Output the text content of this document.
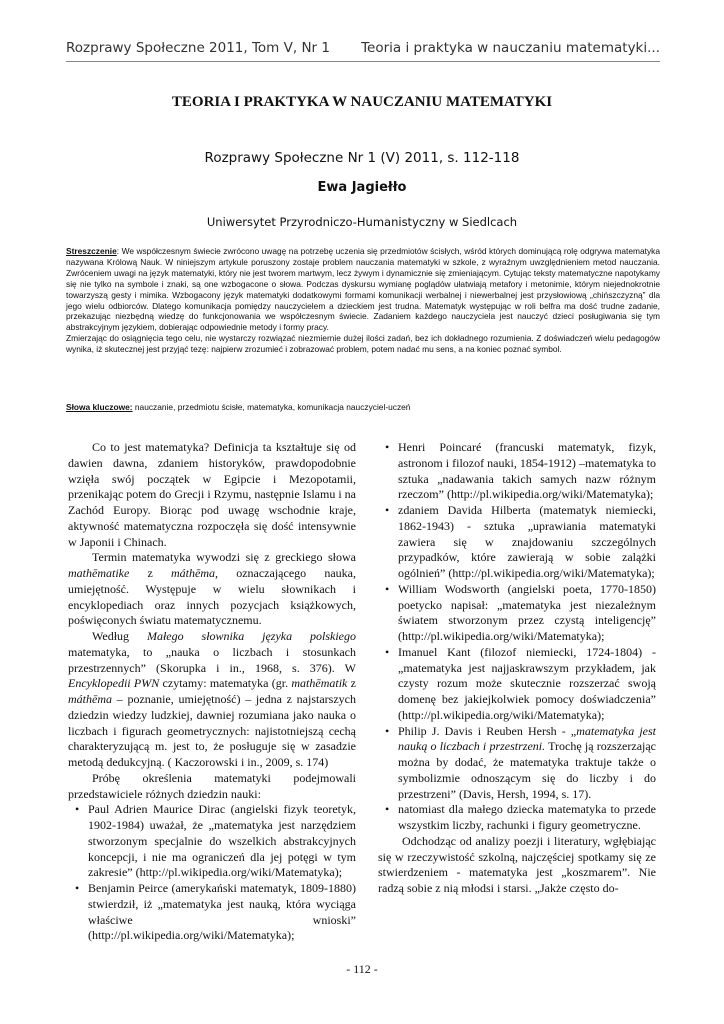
Rozprawy Społeczne 2011, Tom V, Nr 1 Teoria i praktyka w nauczaniu matematyki...
TEORIA I PRAKTYKA W NAUCZANIU MATEMATYKI
Rozprawy Społeczne Nr 1 (V) 2011, s. 112-118
Ewa Jagiełło
Uniwersytet Przyrodniczo-Humanistyczny w Siedlcach

Streszczenie: We współczesnym świecie zwrócono uwagę na potrzebę uczenia się przedmiotów ścisłych, wśród których dominującą rolę odgrywa matematyka nazywana Królową Nauk. W niniejszym artykule poruszony zostaje problem nauczania matematyki w szkole, z wyraźnym uwzględnieniem metod nauczania. Zwróceniem uwagi na język matematyki, który nie jest tworem martwym, lecz żywym i dynamicznie się zmieniającym. Cytując teksty matematyczne napotykamy się nie tylko na symbole i znaki, są one wzbogacone o słowa. Podczas dyskursu wymianę poglądów ułatwiają metafory i metonimie, którym niejednokrotnie towarzyszą gesty i mimika. Wzbogacony język matematyki dodatkowymi formami komunikacji werbalnej i niewerbalnej jest przysłowiową „chińszczyzną” dla jego wielu odbiorców. Dlatego komunikacja pomiędzy nauczycielem a dzieckiem jest trudna. Matematyk występując w roli belfra ma dość trudne zadanie, przekazując niezbędną wiedzę do funkcjonowania we współczesnym świecie. Zadaniem każdego nauczyciela jest nauczyć dzieci posługiwania się tym abstrakcyjnym językiem, dobierając odpowiednie metody i formy pracy.

Zmierzając do osiągnięcia tego celu, nie wystarczy rozwiązać niezmiernie dużej ilości zadań, bez ich dokładnego rozumienia. Z doświadczeń wielu pedagogów wynika, iż skutecznej jest przyjąć tezę: najpierw zrozumieć i zobrazować problem, potem nadać mu sens, a na koniec poznać symbol.

Słowa kluczowe: nauczanie, przedmiotu ścisłe, matematyka, komunikacja nauczyciel-uczeń

Co to jest matematyka? Definicja ta kształtuje się od dawien dawna, zdaniem historyków, prawdopodobnie wzięła swój początek w Egipcie i Mezopotamii, przenikając potem do Grecji i Rzymu, następnie Islamu i na Zachód Europy. Biorąc pod uwagę wschodnie kraje, aktywność matematyczna rozpoczęła się dość intensywnie w Japonii i Chinach.

Termin matematyka wywodzi się z greckiego słowa mathēmatike z máthēma, oznaczającego nauka, umiejętność. Występuje w wielu słownikach i encyklopediach oraz innych pozycjach książkowych, poświęconych światu matematycznemu.

Według Małego słownika języka polskiego matematyka, to „nauka o liczbach i stosunkach przestrzennych” (Skorupka i in., 1968, s. 376). W Encyklopedii PWN czytamy: matematyka (gr. mathēmatik z máthēma – poznanie, umiejętność) – jedna z najstarszych dziedzin wiedzy ludzkiej, dawniej rozumiana jako nauka o liczbach i figurach geometrycznych: najistotniejszą cechą charakteryzującą m. jest to, że posługuje się w zasadzie metodą dedukcyjną. ( Kaczorowski i in., 2009, s. 174)

Próbę określenia matematyki podejmowali przedstawiciele różnych dziedzin nauki:

• Paul Adrien Maurice Dirac (angielski fizyk teoretyk, 1902-1984) uważał, że „matematyka jest narzędziem stworzonym specjalnie do wszelkich abstrakcyjnych koncepcji, i nie ma ograniczeń dla jej potęgi w tym zakresie” (http://pl.wikipedia.org/wiki/Matematyka);
• Benjamin Peirce (amerykański matematyk, 1809-1880) stwierdził, iż „matematyka jest nauką, która wyciąga właściwe wnioski” (http://pl.wikipedia.org/wiki/Matematyka);
• Henri Poincaré (francuski matematyk, fizyk, astronom i filozof nauki, 1854-1912) –matematyka to sztuka „nadawania takich samych nazw różnym rzeczom” (http://pl.wikipedia.org/wiki/Matematyka);
• zdaniem Davida Hilberta (matematyk niemiecki, 1862-1943) - sztuka „uprawiania matematyki zawiera się w znajdowaniu szczególnych przypadków, które zawierają w sobie zalążki ogólnień” (http://pl.wikipedia.org/wiki/Matematyka);
• William Wodsworth (angielski poeta, 1770-1850) poetycko napisał: „matematyka jest niezależnym światem stworzonym przez czystą inteligencję” (http://pl.wikipedia.org/wiki/Matematyka);
• Imanuel Kant (filozof niemiecki, 1724-1804) - „matematyka jest najjaskrawszym przykładem, jak czysty rozum może skutecznie rozszerzać swoją domenę bez jakiejkolwiek pomocy doświadczenia” (http://pl.wikipedia.org/wiki/Matematyka);
• Philip J. Davis i Reuben Hersh - „matematyka jest nauką o liczbach i przestrzeni. Trochę ją rozszerzając można by dodać, że matematyka traktuje także o symbolizmie odnoszącym się do liczby i do przestrzeni” (Davis, Hersh, 1994, s. 17).
• natomiast dla małego dziecka matematyka to przede wszystkim liczby, rachunki i figury geometryczne.

Odchodząc od analizy poezji i literatury, wgłębiając się w rzeczywistość szkolną, najczęściej spotkamy się ze stwierdzeniem - matematyka jest „koszmarem”. Nie radzą sobie z nią młodsi i starsi. „Jakże często do-

- 112 -
